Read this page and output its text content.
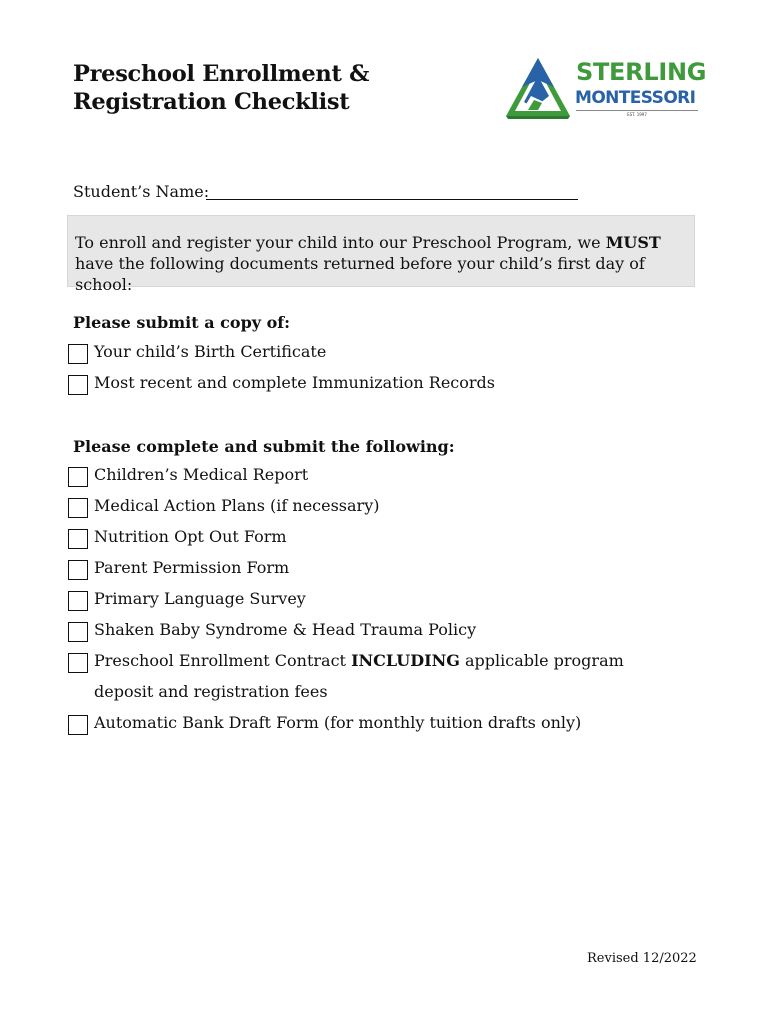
Preschool Enrollment &
Registration Checklist
STERLING
MONTESSORI
EST. 1997
Student’s Name:
To enroll and register your child into our Preschool Program, we MUST have the following documents returned before your child’s first day of school:
Please submit a copy of:
Your child’s Birth Certificate
Most recent and complete Immunization Records
Please complete and submit the following:
Children’s Medical Report
Medical Action Plans (if necessary)
Nutrition Opt Out Form
Parent Permission Form
Primary Language Survey
Shaken Baby Syndrome & Head Trauma Policy
Preschool Enrollment Contract INCLUDING applicable program deposit and registration fees
Automatic Bank Draft Form (for monthly tuition drafts only)
Revised 12/2022
